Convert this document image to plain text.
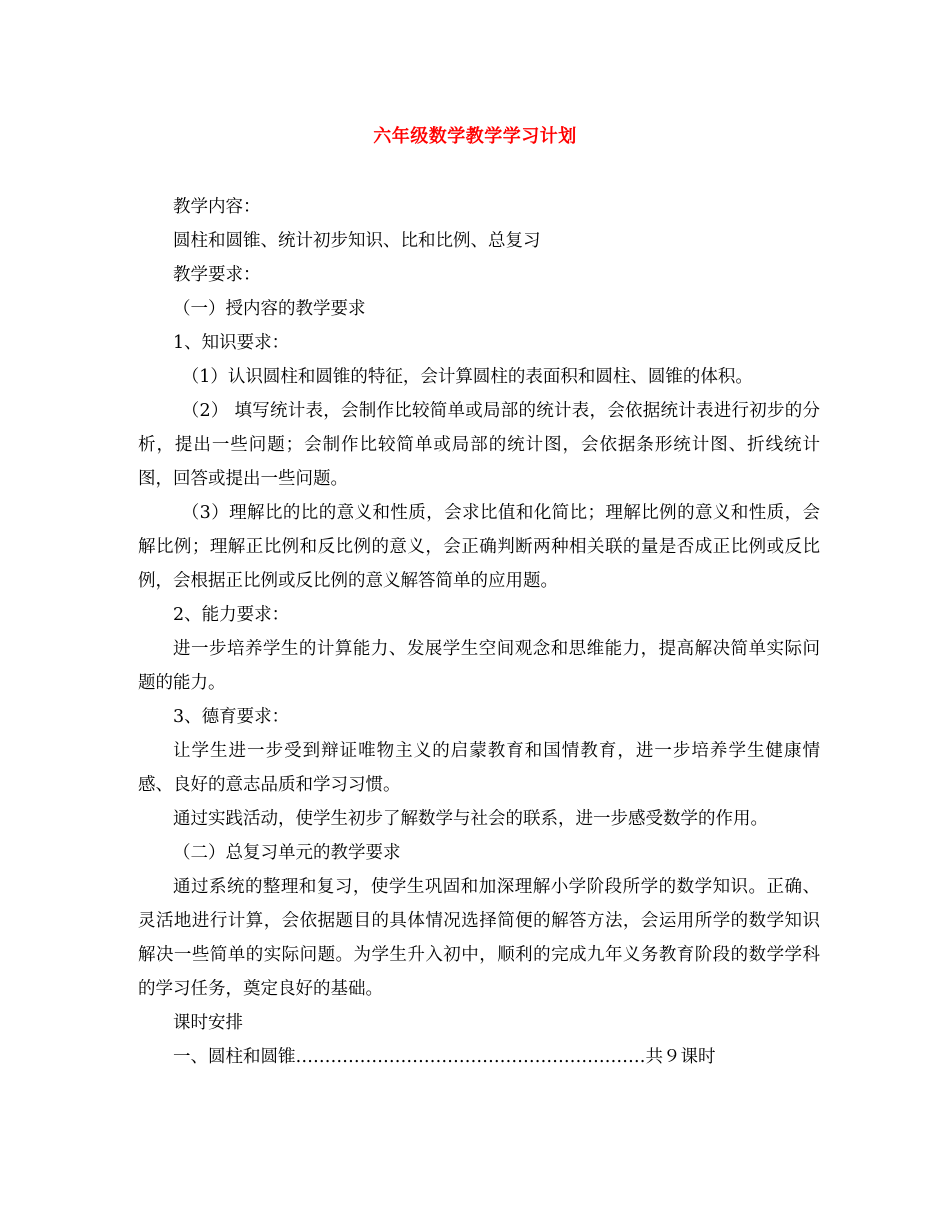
六年级数学教学学习计划

教学内容：

圆柱和圆锥、统计初步知识、比和比例、总复习

教学要求：

（一）授内容的教学要求

1、知识要求：

（1）认识圆柱和圆锥的特征，会计算圆柱的表面积和圆柱、圆锥的体积。

（2） 填写统计表，会制作比较简单或局部的统计表，会依据统计表进行初步的分析，提出一些问题；会制作比较简单或局部的统计图，会依据条形统计图、折线统计图，回答或提出一些问题。

（3）理解比的比的意义和性质，会求比值和化简比；理解比例的意义和性质，会解比例；理解正比例和反比例的意义，会正确判断两种相关联的量是否成正比例或反比例，会根据正比例或反比例的意义解答简单的应用题。

2、能力要求：

进一步培养学生的计算能力、发展学生空间观念和思维能力，提高解决简单实际问题的能力。

3、德育要求：

让学生进一步受到辩证唯物主义的启蒙教育和国情教育，进一步培养学生健康情感、良好的意志品质和学习习惯。

通过实践活动，使学生初步了解数学与社会的联系，进一步感受数学的作用。

（二）总复习单元的教学要求

通过系统的整理和复习，使学生巩固和加深理解小学阶段所学的数学知识。正确、灵活地进行计算，会依据题目的具体情况选择简便的解答方法，会运用所学的数学知识解决一些简单的实际问题。为学生升入初中，顺利的完成九年义务教育阶段的数学学科的学习任务，奠定良好的基础。

课时安排

一、圆柱和圆锥……………………………………………………共９课时
